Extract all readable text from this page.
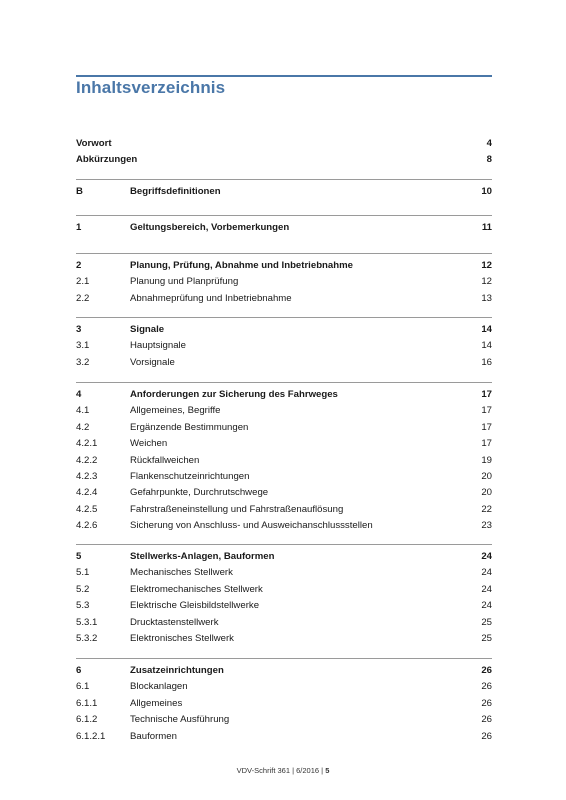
Inhaltsverzeichnis
Vorwort	4
Abkürzungen	8
B	Begriffsdefinitionen	10
1	Geltungsbereich, Vorbemerkungen	11
2	Planung, Prüfung, Abnahme und Inbetriebnahme	12
2.1	Planung und Planprüfung	12
2.2	Abnahmeprüfung und Inbetriebnahme	13
3	Signale	14
3.1	Hauptsignale	14
3.2	Vorsignale	16
4	Anforderungen zur Sicherung des Fahrweges	17
4.1	Allgemeines, Begriffe	17
4.2	Ergänzende Bestimmungen	17
4.2.1	Weichen	17
4.2.2	Rückfallweichen	19
4.2.3	Flankenschutzeinrichtungen	20
4.2.4	Gefahrpunkte, Durchrutschwege	20
4.2.5	Fahrstraßeneinstellung und Fahrstraßenauflösung	22
4.2.6	Sicherung von Anschluss- und Ausweichanschlussstellen	23
5	Stellwerks-Anlagen, Bauformen	24
5.1	Mechanisches Stellwerk	24
5.2	Elektromechanisches Stellwerk	24
5.3	Elektrische Gleisbildstellwerke	24
5.3.1	Drucktastenstellwerk	25
5.3.2	Elektronisches Stellwerk	25
6	Zusatzeinrichtungen	26
6.1	Blockanlagen	26
6.1.1	Allgemeines	26
6.1.2	Technische Ausführung	26
6.1.2.1	Bauformen	26
VDV-Schrift 361 | 6/2016 | 5
